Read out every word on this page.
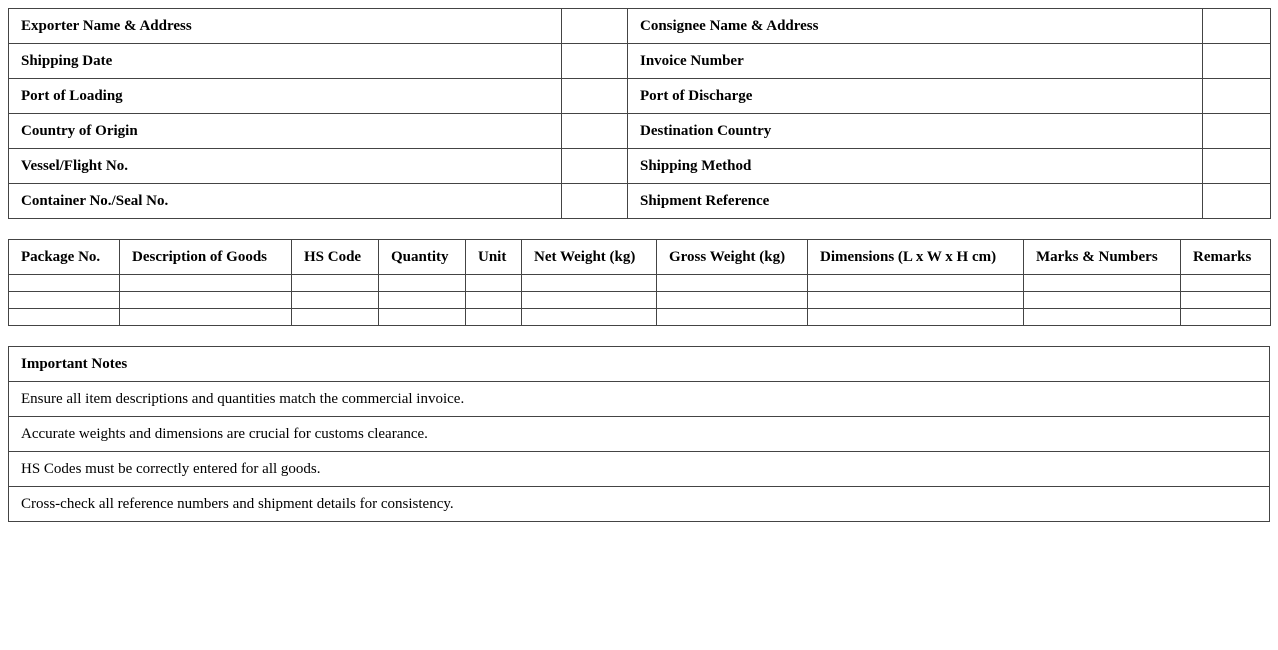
Exporter Name & Address		Consignee Name & Address	
Shipping Date		Invoice Number	
Port of Loading		Port of Discharge	
Country of Origin		Destination Country	
Vessel/Flight No.		Shipping Method	
Container No./Seal No.		Shipment Reference	
Package No.	Description of Goods	HS Code	Quantity	Unit	Net Weight (kg)	Gross Weight (kg)	Dimensions (L x W x H cm)	Marks & Numbers	Remarks

Important Notes
Ensure all item descriptions and quantities match the commercial invoice.
Accurate weights and dimensions are crucial for customs clearance.
HS Codes must be correctly entered for all goods.
Cross-check all reference numbers and shipment details for consistency.
